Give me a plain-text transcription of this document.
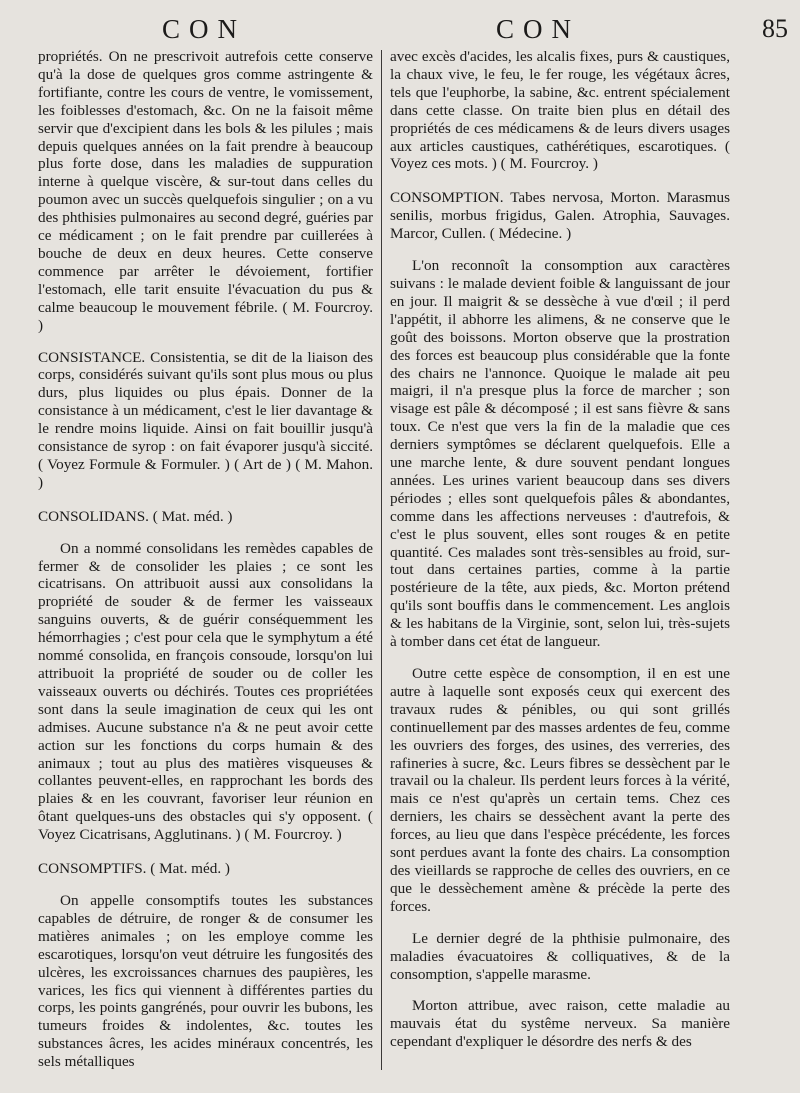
CON	CON	85

propriétés. On ne prescrivoit autrefois cette conserve qu'à la dose de quelques gros comme astringente & fortifiante, contre les cours de ventre, le vomissement, les foiblesses d'estomach, &c. On ne la faisoit même servir que d'excipient dans les bols & les pilules ; mais depuis quelques années on la fait prendre à beaucoup plus forte dose, dans les maladies de suppuration interne à quelque viscère, & sur-tout dans celles du poumon avec un succès quelquefois singulier ; on a vu des phthisies pulmonaires au second degré, guéries par ce médicament ; on le fait prendre par cuillerées à bouche de deux en deux heures. Cette conserve commence par arrêter le dévoiement, fortifier l'estomach, elle tarit ensuite l'évacuation du pus & calme beaucoup le mouvement fébrile. ( M. Fourcroy. )

CONSISTANCE. Consistentia, se dit de la liaison des corps, considérés suivant qu'ils sont plus mous ou plus durs, plus liquides ou plus épais. Donner de la consistance à un médicament, c'est le lier davantage & le rendre moins liquide. Ainsi on fait bouillir jusqu'à consistance de syrop : on fait évaporer jusqu'à siccité. ( Voyez Formule & Formuler. ) ( Art de ) ( M. Mahon. )

CONSOLIDANS. ( Mat. méd. )

On a nommé consolidans les remèdes capables de fermer & de consolider les plaies ; ce sont les cicatrisans. On attribuoit aussi aux consolidans la propriété de souder & de fermer les vaisseaux sanguins ouverts, & de guérir conséquemment les hémorrhagies ; c'est pour cela que le symphytum a été nommé consolida, en françois consoude, lorsqu'on lui attribuoit la propriété de souder ou de coller les vaisseaux ouverts ou déchirés. Toutes ces propriétées sont dans la seule imagination de ceux qui les ont admises. Aucune substance n'a & ne peut avoir cette action sur les fonctions du corps humain & des animaux ; tout au plus des matières visqueuses & collantes peuvent-elles, en rapprochant les bords des plaies & en les couvrant, favoriser leur réunion en ôtant quelques-uns des obstacles qui s'y opposent. ( Voyez Cicatrisans, Agglutinans. ) ( M. Fourcroy. )

CONSOMPTIFS. ( Mat. méd. )

On appelle consomptifs toutes les substances capables de détruire, de ronger & de consumer les matières animales ; on les employe comme les escarotiques, lorsqu'on veut détruire les fungosités des ulcères, les excroissances charnues des paupières, les varices, les fics qui viennent à différentes parties du corps, les points gangrénés, pour ouvrir les bubons, les tumeurs froides & indolentes, &c. toutes les substances âcres, les acides minéraux concentrés, les sels métalliques

avec excès d'acides, les alcalis fixes, purs & caustiques, la chaux vive, le feu, le fer rouge, les végétaux âcres, tels que l'euphorbe, la sabine, &c. entrent spécialement dans cette classe. On traite bien plus en détail des propriétés de ces médicamens & de leurs divers usages aux articles caustiques, cathérétiques, escarotiques. ( Voyez ces mots. ) ( M. Fourcroy. )

CONSOMPTION. Tabes nervosa, Morton. Marasmus senilis, morbus frigidus, Galen. Atrophia, Sauvages. Marcor, Cullen. ( Médecine. )

L'on reconnoît la consomption aux caractères suivans : le malade devient foible & languissant de jour en jour. Il maigrit & se dessèche à vue d'œil ; il perd l'appétit, il abhorre les alimens, & ne conserve que le goût des boissons. Morton observe que la prostration des forces est beaucoup plus considérable que la fonte des chairs ne l'annonce. Quoique le malade ait peu maigri, il n'a presque plus la force de marcher ; son visage est pâle & décomposé ; il est sans fièvre & sans toux. Ce n'est que vers la fin de la maladie que ces derniers symptômes se déclarent quelquefois. Elle a une marche lente, & dure souvent pendant longues années. Les urines varient beaucoup dans ses divers périodes ; elles sont quelquefois pâles & abondantes, comme dans les affections nerveuses : d'autrefois, & c'est le plus souvent, elles sont rouges & en petite quantité. Ces malades sont très-sensibles au froid, sur-tout dans certaines parties, comme à la partie postérieure de la tête, aux pieds, &c. Morton prétend qu'ils sont bouffis dans le commencement. Les anglois & les habitans de la Virginie, sont, selon lui, très-sujets à tomber dans cet état de langueur.

Outre cette espèce de consomption, il en est une autre à laquelle sont exposés ceux qui exercent des travaux rudes & pénibles, ou qui sont grillés continuellement par des masses ardentes de feu, comme les ouvriers des forges, des usines, des verreries, des rafineries à sucre, &c. Leurs fibres se dessèchent par le travail ou la chaleur. Ils perdent leurs forces à la vérité, mais ce n'est qu'après un certain tems. Chez ces derniers, les chairs se dessèchent avant la perte des forces, au lieu que dans l'espèce précédente, les forces sont perdues avant la fonte des chairs. La consomption des vieillards se rapproche de celles des ouvriers, en ce que le dessèchement amène & précède la perte des forces.

Le dernier degré de la phthisie pulmonaire, des maladies évacuatoires & colliquatives, & de la consomption, s'appelle marasme.

Morton attribue, avec raison, cette maladie au mauvais état du systême nerveux. Sa manière cependant d'expliquer le désordre des nerfs & des
